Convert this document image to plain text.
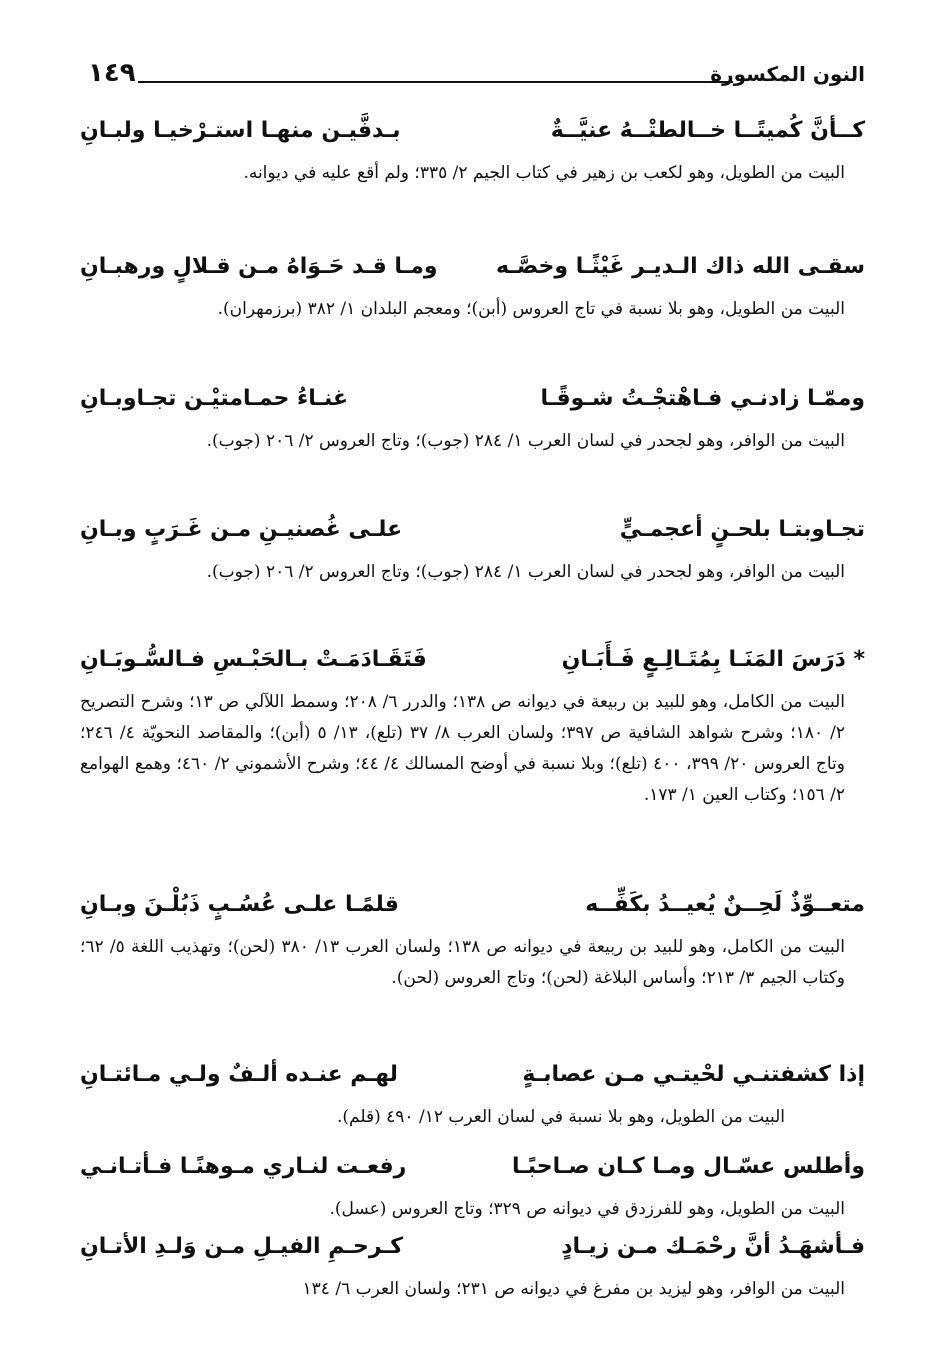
النون المكسورة
١٤٩
كــأنَّ كُميتًــا خــالطتْــهُ عنيَّــةٌ
بـدفَّيـن منهـا استـرْخيـا ولبـانِ
البيت من الطويل، وهو لكعب بن زهير في كتاب الجيم ٢/ ٣٣٥؛ ولم أقع عليه في ديوانه.
سقـى الله ذاك الـديـر غَيْثًـا وخصَّـه
ومـا قـد حَـوَاهُ مـن قـلالٍ ورهبـانِ
البيت من الطويل، وهو بلا نسبة في تاج العروس (أبن)؛ ومعجم البلدان ١/ ٣٨٢ (برزمهران).
وممّـا زادنـي فـاهْتجْـتُ شـوقًـا
غنـاءُ حمـامتيْـن تجـاوبـانِ
البيت من الوافر، وهو لجحدر في لسان العرب ١/ ٢٨٤ (جوب)؛ وتاج العروس ٢/ ٢٠٦ (جوب).
تجـاوبتـا بلحـنٍ أعجمـيٍّ
علـى غُصنيـنِ مـن غَـرَبٍ وبـانِ
البيت من الوافر، وهو لجحدر في لسان العرب ١/ ٢٨٤ (جوب)؛ وتاج العروس ٢/ ٢٠٦ (جوب).
* دَرَسَ المَنَـا بِمُتَـالِـعٍ فَـأَبَـانِ
فَتَقَـادَمَـتْ بـالحَبْـسِ فـالسُّـوبَـانِ
البيت من الكامل، وهو للبيد بن ربيعة في ديوانه ص ١٣٨؛ والدرر ٦/ ٢٠٨؛ وسمط اللآلي ص ١٣؛ وشرح التصريح ٢/ ١٨٠؛ وشرح شواهد الشافية ص ٣٩٧؛ ولسان العرب ٨/ ٣٧ (تلع)، ١٣/ ٥ (أبن)؛ والمقاصد النحويّة ٤/ ٢٤٦؛ وتاج العروس ٢٠/ ٣٩٩، ٤٠٠ (تلع)؛ وبلا نسبة في أوضح المسالك ٤/ ٤٤؛ وشرح الأشموني ٢/ ٤٦٠؛ وهمع الهوامع ٢/ ١٥٦؛ وكتاب العين ١/ ١٧٣.
متعــوِّذٌ لَحِــنٌ يُعيــدُ بكَفِّــه
قلمًـا علـى عُسُـبٍ ذَبُلْـنَ وبـانِ
البيت من الكامل، وهو للبيد بن ربيعة في ديوانه ص ١٣٨؛ ولسان العرب ١٣/ ٣٨٠ (لحن)؛ وتهذيب اللغة ٥/ ٦٢؛ وكتاب الجيم ٣/ ٢١٣؛ وأساس البلاغة (لحن)؛ وتاج العروس (لحن).
إذا كشفتنـي لحْيتـي مـن عصابـةٍ
لهـم عنـده ألـفٌ ولـي مـائتـانِ
البيت من الطويل، وهو بلا نسبة في لسان العرب ١٢/ ٤٩٠ (قلم).
وأطلس عسّـال ومـا كـان صـاحبًـا
رفعـت لنـاري مـوهنًـا فـأتـانـي
البيت من الطويل، وهو للفرزدق في ديوانه ص ٣٢٩؛ وتاج العروس (عسل).
فـأشهَـدُ أنَّ رحْمَـك مـن زيـادٍ
كـرحـمِ الفيـلِ مـن وَلـدِ الأتـانِ
البيت من الوافر، وهو ليزيد بن مفرغ في ديوانه ص ٢٣١؛ ولسان العرب ٦/ ١٣٤
